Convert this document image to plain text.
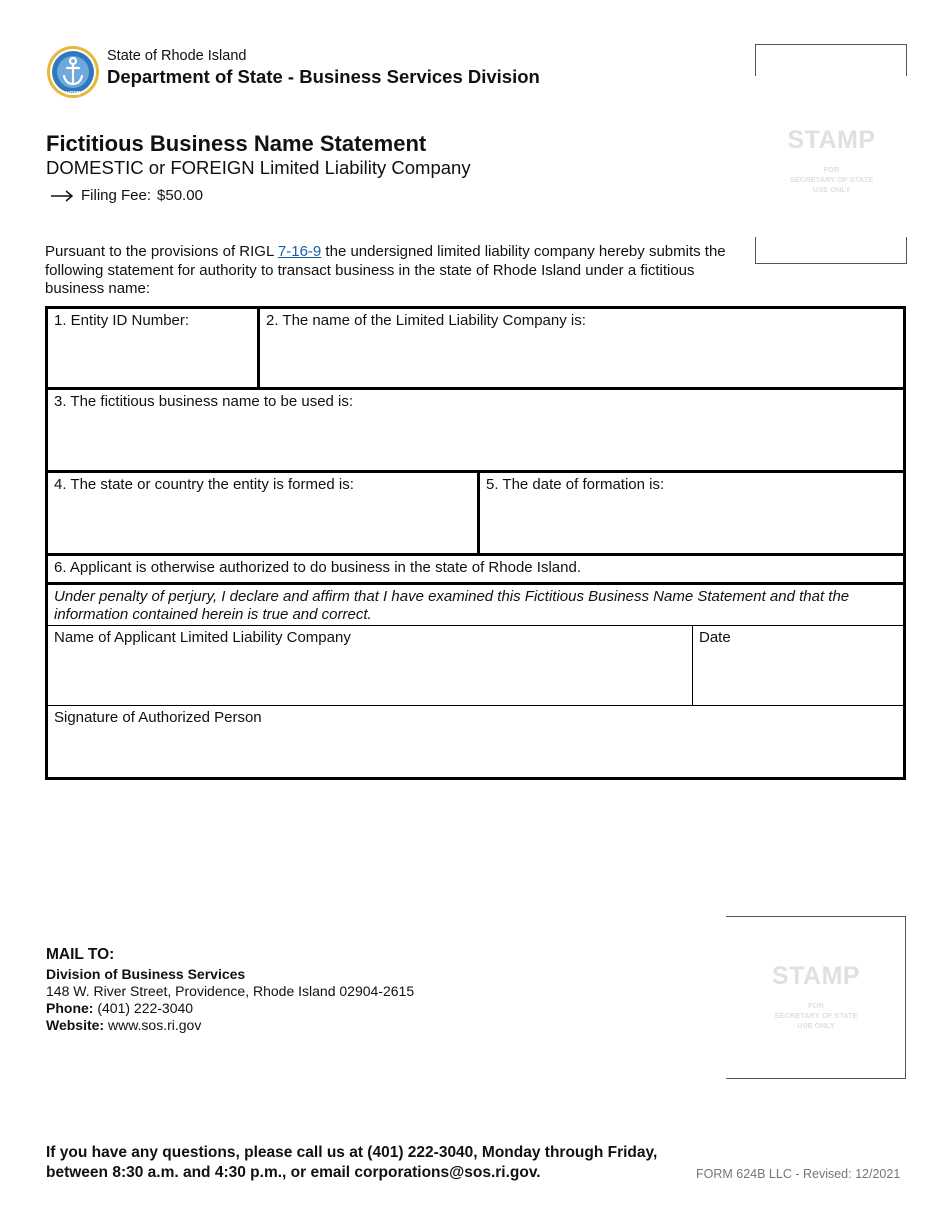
HOPE
State of Rhode Island
Department of State - Business Services Division
Fictitious Business Name Statement
DOMESTIC or FOREIGN Limited Liability Company
Filing Fee: $50.00
STAMP
FOR
SECRETARY OF STATE
USE ONLY
Pursuant to the provisions of RIGL 7-16-9 the undersigned limited liability company hereby submits the following statement for authority to transact business in the state of Rhode Island under a fictitious business name:
1. Entity ID Number:	2. The name of the Limited Liability Company is:
3. The fictitious business name to be used is:
4. The state or country the entity is formed is:	5. The date of formation is:
6. Applicant is otherwise authorized to do business in the state of Rhode Island.
Under penalty of perjury, I declare and affirm that I have examined this Fictitious Business Name Statement and that the information contained herein is true and correct.
Name of Applicant Limited Liability Company	Date
Signature of Authorized Person
MAIL TO:
Division of Business Services
148 W. River Street, Providence, Rhode Island 02904-2615
Phone: (401) 222-3040
Website: www.sos.ri.gov
STAMP
FOR
SECRETARY OF STATE
USE ONLY
If you have any questions, please call us at (401) 222-3040, Monday through Friday, between 8:30 a.m. and 4:30 p.m., or email corporations@sos.ri.gov.	FORM 624B LLC - Revised: 12/2021
